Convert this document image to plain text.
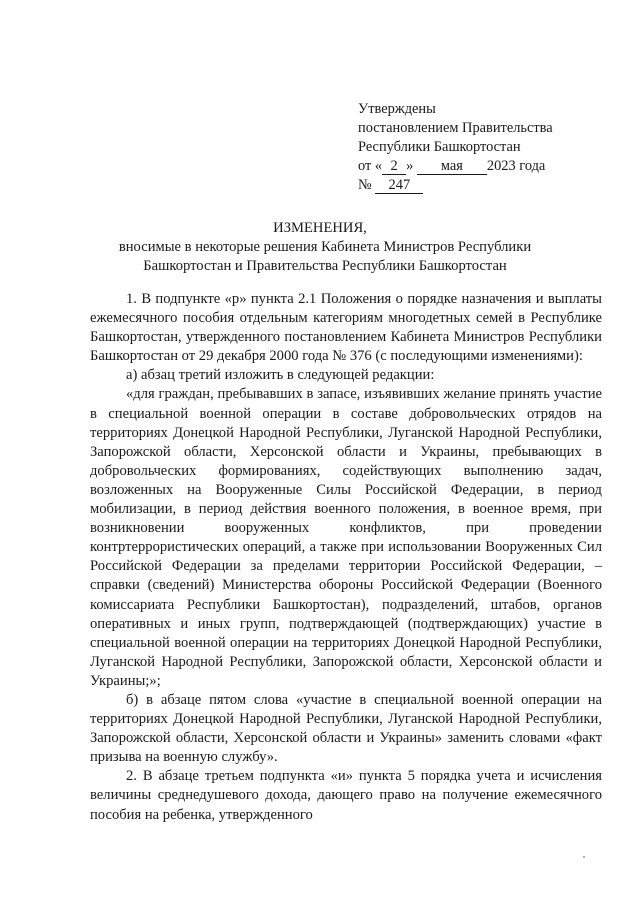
Утверждены
постановлением Правительства
Республики Башкортостан
от « 2 » мая 2023 года
№ 247
ИЗМЕНЕНИЯ,
вносимые в некоторые решения Кабинета Министров Республики Башкортостан и Правительства Республики Башкортостан

1. В подпункте «р» пункта 2.1 Положения о порядке назначения и выплаты ежемесячного пособия отдельным категориям многодетных семей в Республике Башкортостан, утвержденного постановлением Кабинета Министров Республики Башкортостан от 29 декабря 2000 года № 376 (с последующими изменениями):

а) абзац третий изложить в следующей редакции:

«для граждан, пребывавших в запасе, изъявивших желание принять участие в специальной военной операции в составе добровольческих отрядов на территориях Донецкой Народной Республики, Луганской Народной Республики, Запорожской области, Херсонской области и Украины, пребывающих в добровольческих формированиях, содействующих выполнению задач, возложенных на Вооруженные Силы Российской Федерации, в период мобилизации, в период действия военного положения, в военное время, при возникновении вооруженных конфликтов, при проведении контртеррористических операций, а также при использовании Вооруженных Сил Российской Федерации за пределами территории Российской Федерации, – справки (сведений) Министерства обороны Российской Федерации (Военного комиссариата Республики Башкортостан), подразделений, штабов, органов оперативных и иных групп, подтверждающей (подтверждающих) участие в специальной военной операции на территориях Донецкой Народной Республики, Луганской Народной Республики, Запорожской области, Херсонской области и Украины;»;

б) в абзаце пятом слова «участие в специальной военной операции на территориях Донецкой Народной Республики, Луганской Народной Республики, Запорожской области, Херсонской области и Украины» заменить словами «факт призыва на военную службу».

2. В абзаце третьем подпункта «и» пункта 5 порядка учета и исчисления величины среднедушевого дохода, дающего право на получение ежемесячного пособия на ребенка, утвержденного
